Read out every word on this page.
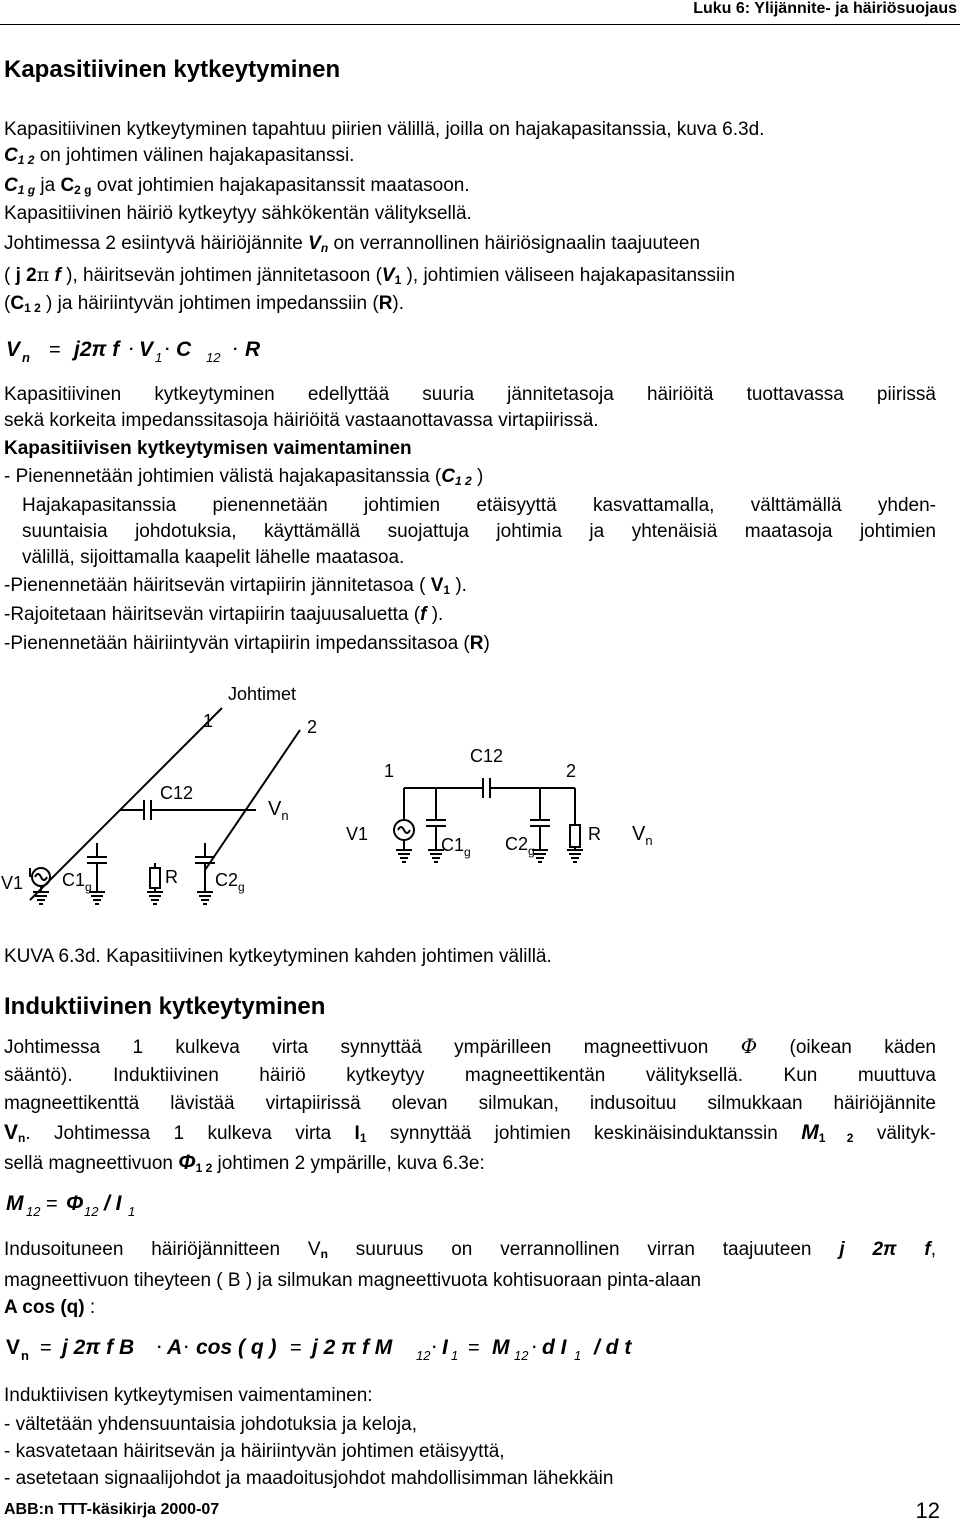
Luku 6: Ylijännite- ja häiriösuojaus
Kapasitiivinen kytkeytyminen
Kapasitiivinen kytkeytyminen tapahtuu piirien välillä, joilla on hajakapasitanssia, kuva 6.3d.
$C_{1 2}$ on johtimen välinen hajakapasitanssi.
$C_{1 g}$ ja $C_{2 g}$ ovat johtimien hajakapasitanssit maatasoon.
Kapasitiivinen häiriö kytkeytyy sähkökentän välityksellä.
Johtimessa 2 esiintyvä häiriöjännite $V_n$ on verrannollinen häiriösignaalin taajuuteen
( j 2π f ), häiritsevän johtimen jännitetasoon ($V_1$ ), johtimien väliseen hajakapasitanssiin
($C_{1 2}$ ) ja häiriintyvän johtimen impedanssiin (R).
V n = j2π f · V 1 · C 12 · R
Kapasitiivinen kytkeytyminen edellyttää suuria jännitetasoja häiriöitä tuottavassa piirissä
sekä korkeita impedanssitasoja häiriöitä vastaanottavassa virtapiirissä.
Kapasitiivisen kytkeytymisen vaimentaminen
- Pienennetään johtimien välistä hajakapasitanssia ($C_{1 2}$ )
Hajakapasitanssia pienennetään johtimien etäisyyttä kasvattamalla, välttämällä yhden-
suuntaisia johdotuksia, käyttämällä suojattuja johtimia ja yhtenäisiä maatasoja johtimien
välillä, sijoittamalla kaapelit lähelle maatasoa.
-Pienennetään häiritsevän virtapiirin jännitetasoa ( $V_1$ ).
-Rajoitetaan häiritsevän virtapiirin taajuusaluetta (f ).
-Pienennetään häiriintyvän virtapiirin impedanssitasoa (R)
Johtimet
1	2
C12
V1 $C1_g$	R $C2_g$
$V_n$
1
C12
2
V1
$C1_g$ $C2_g$
R $V_n$
KUVA 6.3d. Kapasitiivinen kytkeytyminen kahden johtimen välillä.
Induktiivinen kytkeytyminen
Johtimessa 1 kulkeva virta synnyttää ympärilleen magneettivuon Φ (oikean käden
sääntö). Induktiivinen häiriö kytkeytyy magneettikentän välityksellä. Kun muuttuva
magneettikenttä lävistää virtapiirissä olevan silmukan, indusoituu silmukkaan häiriöjännite
$V_n$. Johtimessa 1 kulkeva virta $I_1$ synnyttää johtimien keskinäisinduktanssin $M_{1 2}$ välityk-
sellä magneettivuon $\Phi_{1 2}$ johtimen 2 ympärille, kuva 6.3e:
M 12 = Φ 12 / I 1
Indusoituneen häiriöjännitteen $V_n$ suuruus on verrannollinen virran taajuuteen j 2π f,
magneettivuon tiheyteen ( B ) ja silmukan magneettivuota kohtisuoraan pinta-alaan
A cos (q) :
V n = j 2π f B · A · cos ( q ) = j 2 π f M 12 · I 1 = M 12 · d I 1 / d t
Induktiivisen kytkeytymisen vaimentaminen:
- vältetään yhdensuuntaisia johdotuksia ja keloja,
- kasvatetaan häiritsevän ja häiriintyvän johtimen etäisyyttä,
- asetetaan signaalijohdot ja maadoitusjohdot mahdollisimman lähekkäin
ABB:n TTT-käsikirja 2000-07	12
